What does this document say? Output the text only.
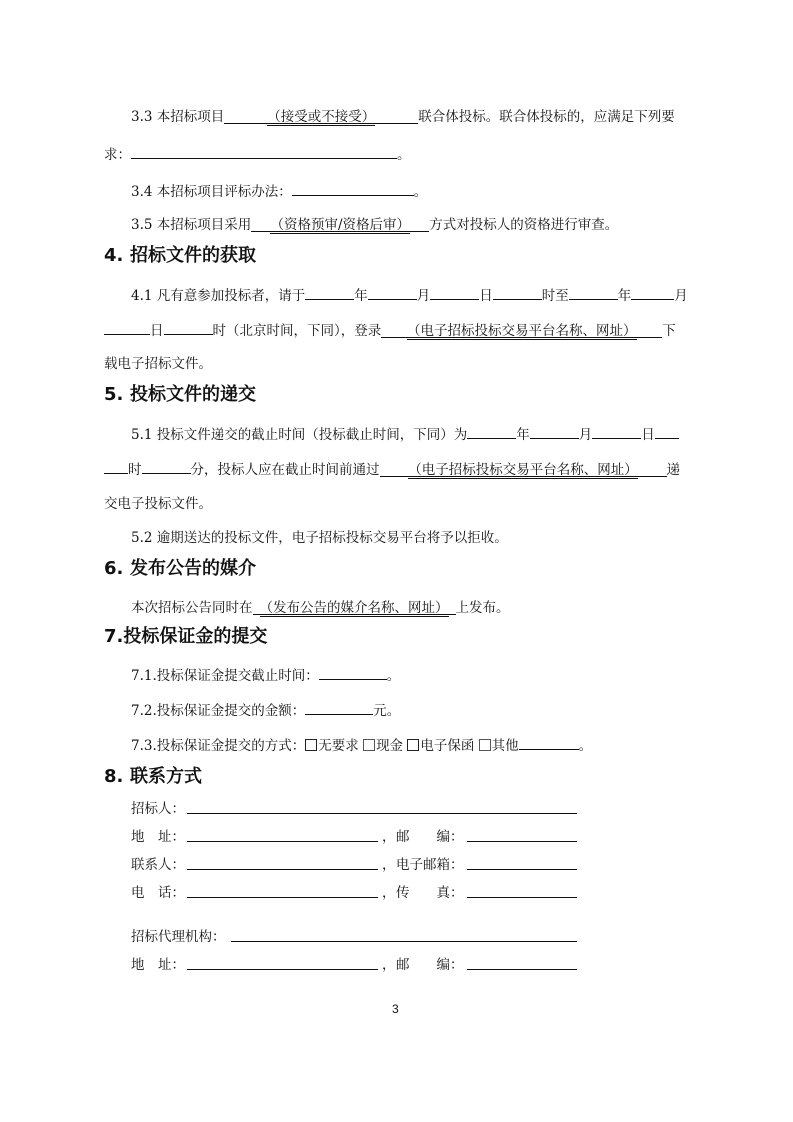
3.3 本招标项目	（接受或不接受）	联合体投标。联合体投标的，应满足下列要
求：	。
3.4 本招标项目评标办法：	。
3.5 本招标项目采用 （资格预审/资格后审） 方式对投标人的资格进行审查。
4. 招标文件的获取
4.1 凡有意参加投标者，请于	年	月	日	时至	年	月
日	时（北京时间，下同），登录 （电子招标投标交易平台名称、网址） 下
载电子招标文件。
5. 投标文件的递交
5.1 投标文件递交的截止时间（投标截止时间，下同）为	年	月	日
时	分，投标人应在截止时间前通过 （电子招标投标交易平台名称、网址） 递
交电子投标文件。
5.2 逾期送达的投标文件，电子招标投标交易平台将予以拒收。
6. 发布公告的媒介
本次招标公告同时在 （发布公告的媒介名称、网址） 上发布。
7.投标保证金的提交
7.1.投标保证金提交截止时间：	。
7.2.投标保证金提交的金额：	元。
7.3.投标保证金提交的方式： 无要求 现金 电子保函 其他	。
8. 联系方式
招标人：
地　址：	， 邮　　编：
联系人：	， 电子邮箱：
电　话：	， 传　　真：
招标代理机构：
地　址：	， 邮　　编：
3
